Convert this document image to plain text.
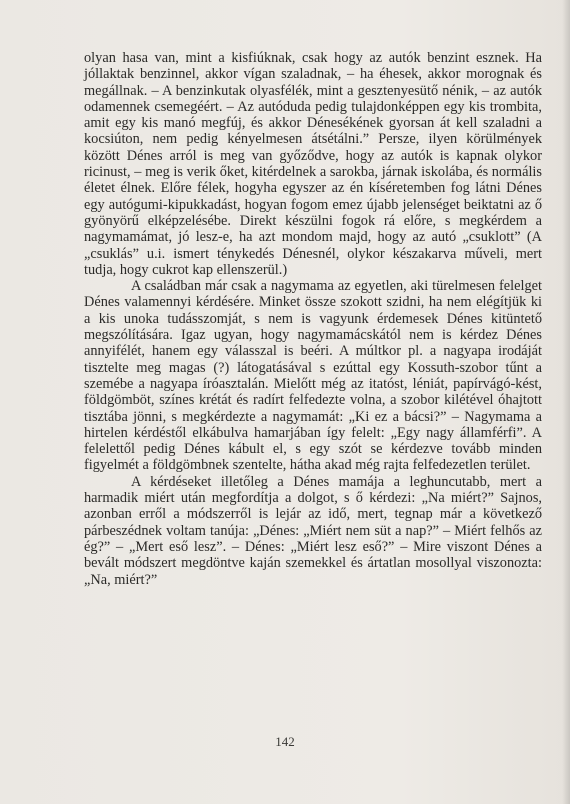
olyan hasa van, mint a kisfiúknak, csak hogy az autók benzint esznek. Ha jóllaktak benzinnel, akkor vígan szaladnak, – ha éhesek, akkor morognak és megállnak. – A benzinkutak olyasfélék, mint a gesztenyesütő nénik, – az autók odamennek csemegéért. – Az autóduda pedig tulajdonképpen egy kis trombita, amit egy kis manó megfúj, és akkor Dénesékének gyorsan át kell szaladni a kocsiúton, nem pedig kényelmesen átsétálni.” Persze, ilyen körülmények között Dénes arról is meg van győződve, hogy az autók is kapnak olykor ricinust, – meg is verik őket, kitérdelnek a sarokba, járnak iskolába, és normális életet élnek. Előre félek, hogyha egyszer az én kíséretemben fog látni Dénes egy autógumi-kipukkadást, hogyan fogom emez újabb jelenséget beiktatni az ő gyönyörű elképzelésébe. Direkt készülni fogok rá előre, s megkérdem a nagymamámat, jó lesz-e, ha azt mondom majd, hogy az autó „csuklott” (A „csuklás” u.i. ismert ténykedés Dénesnél, olykor készakarva műveli, mert tudja, hogy cukrot kap ellenszerül.)

A családban már csak a nagymama az egyetlen, aki türelmesen felelget Dénes valamennyi kérdésére. Minket össze szokott szidni, ha nem elégítjük ki a kis unoka tudásszomját, s nem is vagyunk érdemesek Dénes kitüntető megszólítására. Igaz ugyan, hogy nagymamácskától nem is kérdez Dénes annyifélét, hanem egy válasszal is beéri. A múltkor pl. a nagyapa irodáját tisztelte meg magas (?) látogatásával s ezúttal egy Kossuth-szobor tűnt a szemébe a nagyapa íróasztalán. Mielőtt még az itatóst, léniát, papírvágó-kést, földgömböt, színes krétát és radírt felfedezte volna, a szobor kilétével óhajtott tisztába jönni, s megkérdezte a nagymamát: „Ki ez a bácsi?” – Nagymama a hirtelen kérdéstől elkábulva hamarjában így felelt: „Egy nagy államférfi”. A felelettől pedig Dénes kábult el, s egy szót se kérdezve tovább minden figyelmét a földgömbnek szentelte, hátha akad még rajta felfedezetlen terület.

A kérdéseket illetőleg a Dénes mamája a leghuncutabb, mert a harmadik miért után megfordítja a dolgot, s ő kérdezi: „Na miért?” Sajnos, azonban erről a módszerről is lejár az idő, mert, tegnap már a következő párbeszédnek voltam tanúja: „Dénes: „Miért nem süt a nap?” – Miért felhős az ég?” – „Mert eső lesz”. – Dénes: „Miért lesz eső?” – Mire viszont Dénes a bevált módszert megdöntve kaján szemekkel és ártatlan mosollyal viszonozta: „Na, miért?”

142
